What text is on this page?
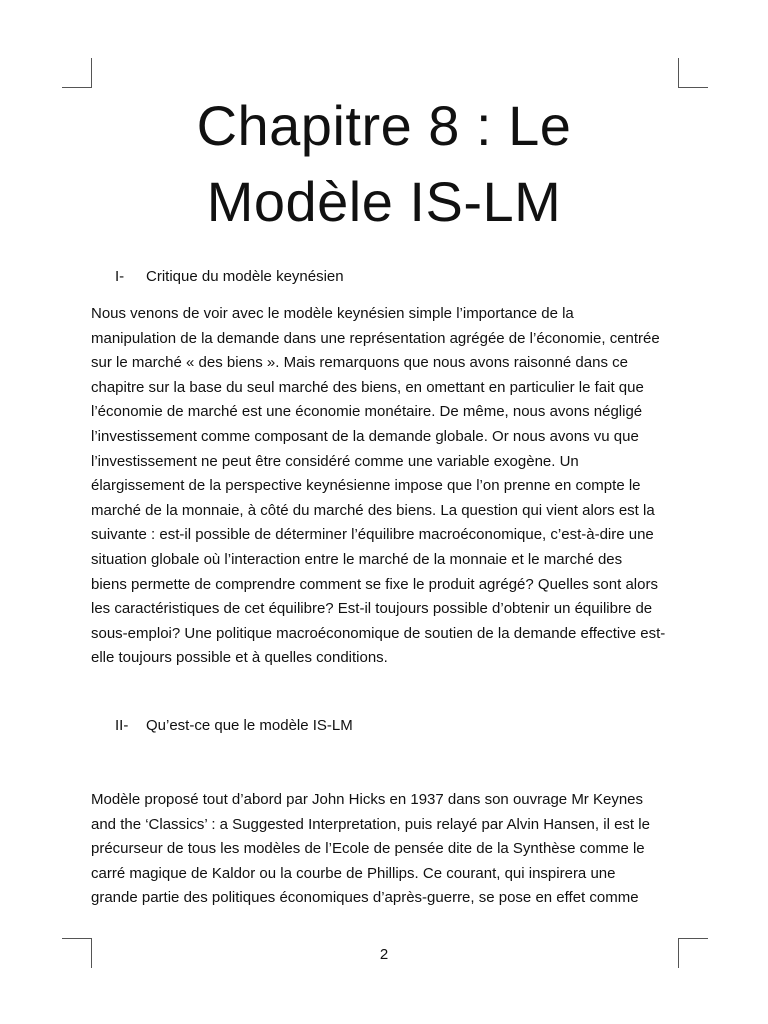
Chapitre 8 : Le
Modèle IS-LM
I- Critique du modèle keynésien

Nous venons de voir avec le modèle keynésien simple l’importance de la
manipulation de la demande dans une représentation agrégée de l’économie, centrée
sur le marché « des biens ». Mais remarquons que nous avons raisonné dans ce
chapitre sur la base du seul marché des biens, en omettant en particulier le fait que
l’économie de marché est une économie monétaire. De même, nous avons négligé
l’investissement comme composant de la demande globale. Or nous avons vu que
l’investissement ne peut être considéré comme une variable exogène. Un
élargissement de la perspective keynésienne impose que l’on prenne en compte le
marché de la monnaie, à côté du marché des biens. La question qui vient alors est la
suivante : est-il possible de déterminer l’équilibre macroéconomique, c’est-à-dire une
situation globale où l’interaction entre le marché de la monnaie et le marché des
biens permette de comprendre comment se fixe le produit agrégé? Quelles sont alors
les caractéristiques de cet équilibre? Est-il toujours possible d’obtenir un équilibre de
sous-emploi? Une politique macroéconomique de soutien de la demande effective est-
elle toujours possible et à quelles conditions.

II- Qu’est-ce que le modèle IS-LM

Modèle proposé tout d’abord par John Hicks en 1937 dans son ouvrage Mr Keynes
and the ‘Classics’ : a Suggested Interpretation, puis relayé par Alvin Hansen, il est le
précurseur de tous les modèles de l’Ecole de pensée dite de la Synthèse comme le
carré magique de Kaldor ou la courbe de Phillips. Ce courant, qui inspirera une
grande partie des politiques économiques d’après-guerre, se pose en effet comme

2
